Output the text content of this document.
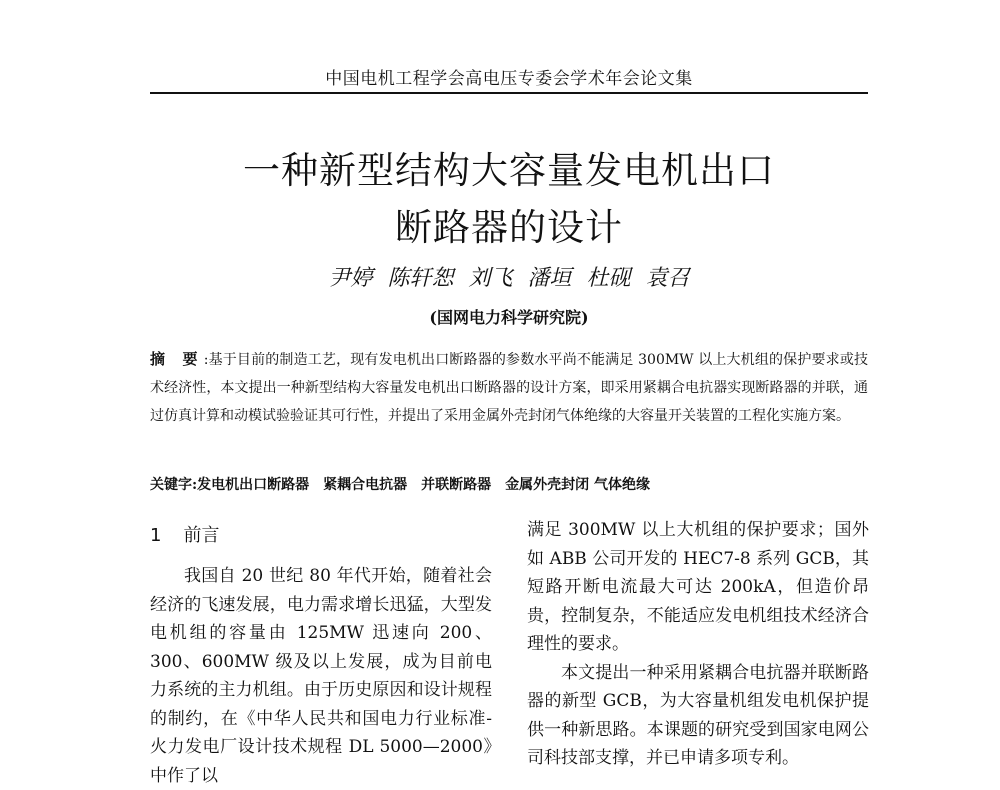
中国电机工程学会高电压专委会学术年会论文集
一种新型结构大容量发电机出口
断路器的设计
尹婷 陈轩恕 刘飞 潘垣 杜砚 袁召
(国网电力科学研究院)
摘 要:基于目前的制造工艺，现有发电机出口断路器的参数水平尚不能满足 300MW 以上大机组的保护要求或技术经济性，本文提出一种新型结构大容量发电机出口断路器的设计方案，即采用紧耦合电抗器实现断路器的并联，通过仿真计算和动模试验验证其可行性，并提出了采用金属外壳封闭气体绝缘的大容量开关装置的工程化实施方案。
关键字:发电机出口断路器 紧耦合电抗器 并联断路器 金属外壳封闭 气体绝缘
1 前言

我国自 20 世纪 80 年代开始，随着社会经济的飞速发展，电力需求增长迅猛，大型发电机组的容量由 125MW 迅速向 200、300、600MW 级及以上发展，成为目前电力系统的主力机组。由于历史原因和设计规程的制约，在《中华人民共和国电力行业标准-火力发电厂设计技术规程 DL 5000—2000》中作了以

满足 300MW 以上大机组的保护要求；国外如 ABB 公司开发的 HEC7-8 系列 GCB，其短路开断电流最大可达 200kA，但造价昂贵，控制复杂，不能适应发电机组技术经济合理性的要求。

本文提出一种采用紧耦合电抗器并联断路器的新型 GCB，为大容量机组发电机保护提供一种新思路。本课题的研究受到国家电网公司科技部支撑，并已申请多项专利。
